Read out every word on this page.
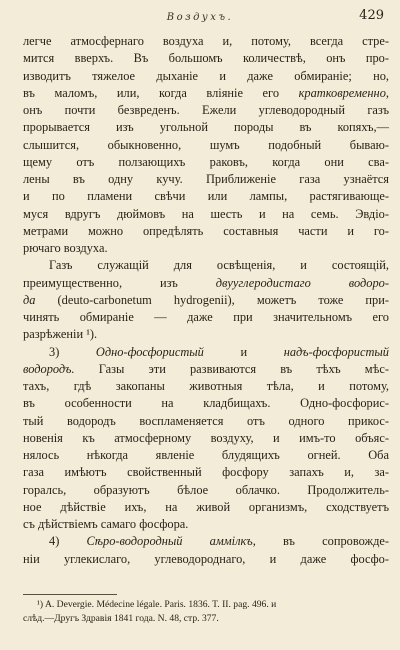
Воздухъ.	429
легче атмосфернаго воздуха и, потому, всегда стре-
мится вверхъ. Въ большомъ количествѣ, онъ про-
изводитъ тяжелое дыханіе и даже обмираніе; но,
въ маломъ, или, когда вліяніе его кратковременно,
онъ почти безвреденъ. Ежели углеводородный газъ
прорывается изъ угольной породы въ копяхъ,—
слышится, обыкновенно, шумъ подобный бываю-
щему отъ ползающихъ раковъ, когда они сва-
лены въ одну кучу. Приближеніе газа узнаётся
и по пламени свѣчи или лампы, растягивающе-
муся вдругъ дюймовъ на шесть и на семь. Эвдіо-
метрами можно опредѣлять составныя части и го-
рючаго воздуха.
Газъ служащій для освѣщенія, и состоящій,
преимущественно, изъ двууглеродистаго водоро-
да (deuto-carbonetum hydrogenii), можетъ тоже при-
чинять обмираніе — даже при значительномъ его
разрѣженіи ¹).
3) Одно-фосфористый и надъ-фосфористый
водородъ. Газы эти развиваются въ тѣхъ мѣс-
тахъ, гдѣ закопаны животныя тѣла, и потому,
въ особенности на кладбищахъ. Одно-фосфорис-
тый водородъ воспламеняется отъ одного прикос-
новенія къ атмосферному воздуху, и имъ-то объяс-
нялось нѣкогда явленіе блудящихъ огней. Оба
газа имѣютъ свойственный фосфору запахъ и, за-
горалсь, образуютъ бѣлое облачко. Продолжитель-
ное дѣйствіе ихъ, на живой организмъ, сходствуетъ
съ дѣйствіемъ самаго фосфора.
4) Сѣро-водородный аммілкъ, въ сопровожде-
ніи углекислаго, углеводороднаго, и даже фосфо-
¹) A. Devergie. Médecine légale. Paris. 1836. T. II. pag. 496. и
слѣд.—Другъ Здравія 1841 года. N. 48, стр. 377.
